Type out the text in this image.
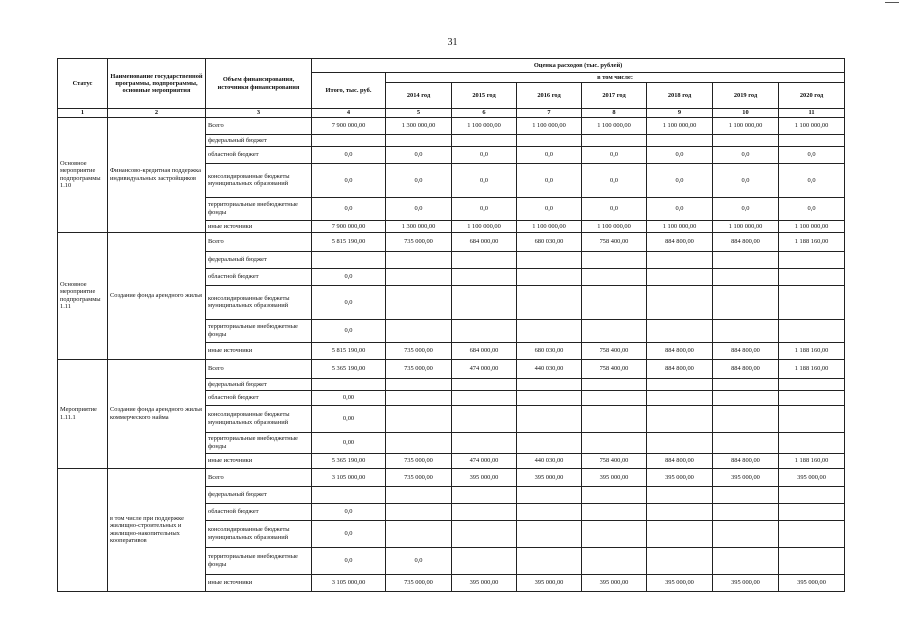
31
Статус	Наименование государственной программы, подпрограммы, основные мероприятия	Объем финансирования, источники финансирования	Оценка расходов (тыс. рублей)							
			Итого, тыс. руб.	в том числе:						
				2014 год	2015 год	2016 год	2017 год	2018 год	2019 год	2020 год
1	2	3	4	5	6	7	8	9	10	11
Основное мероприятие подпрограммы 1.10	Финансово-кредитная поддержка индивидуальных застройщиков	Всего	7 900 000,00	1 300 000,00	1 100 000,00	1 100 000,00	1 100 000,00	1 100 000,00	1 100 000,00	1 100 000,00
		федеральный бюджет								
		областной бюджет	0,0	0,0	0,0	0,0	0,0	0,0	0,0	0,0
		консолидированные бюджеты муниципальных образований	0,0	0,0	0,0	0,0	0,0	0,0	0,0	0,0
		территориальные внебюджетные фонды	0,0	0,0	0,0	0,0	0,0	0,0	0,0	0,0
		иные источники	7 900 000,00	1 300 000,00	1 100 000,00	1 100 000,00	1 100 000,00	1 100 000,00	1 100 000,00	1 100 000,00
Основное мероприятие подпрограммы 1.11	Создание фонда арендного жилья	Всего	5 815 190,00	735 000,00	684 000,00	680 030,00	758 400,00	884 800,00	884 800,00	1 188 160,00
		федеральный бюджет								
		областной бюджет	0,0							
		консолидированные бюджеты муниципальных образований	0,0							
		территориальные внебюджетные фонды	0,0							
		иные источники	5 815 190,00	735 000,00	684 000,00	680 030,00	758 400,00	884 800,00	884 800,00	1 188 160,00
Мероприятие 1.11.1	Создание фонда арендного жилья коммерческого найма	Всего	5 365 190,00	735 000,00	474 000,00	440 030,00	758 400,00	884 800,00	884 800,00	1 188 160,00
		федеральный бюджет								
		областной бюджет	0,00							
		консолидированные бюджеты муниципальных образований	0,00							
		территориальные внебюджетные фонды	0,00							
		иные источники	5 365 190,00	735 000,00	474 000,00	440 030,00	758 400,00	884 800,00	884 800,00	1 188 160,00
	в том числе при поддержке жилищно-строительных и жилищно-накопительных кооперативов	Всего	3 105 000,00	735 000,00	395 000,00	395 000,00	395 000,00	395 000,00	395 000,00	395 000,00
		федеральный бюджет								
		областной бюджет	0,0							
		консолидированные бюджеты муниципальных образований	0,0							
		территориальные внебюджетные фонды	0,0	0,0						
		иные источники	3 105 000,00	735 000,00	395 000,00	395 000,00	395 000,00	395 000,00	395 000,00	395 000,00
